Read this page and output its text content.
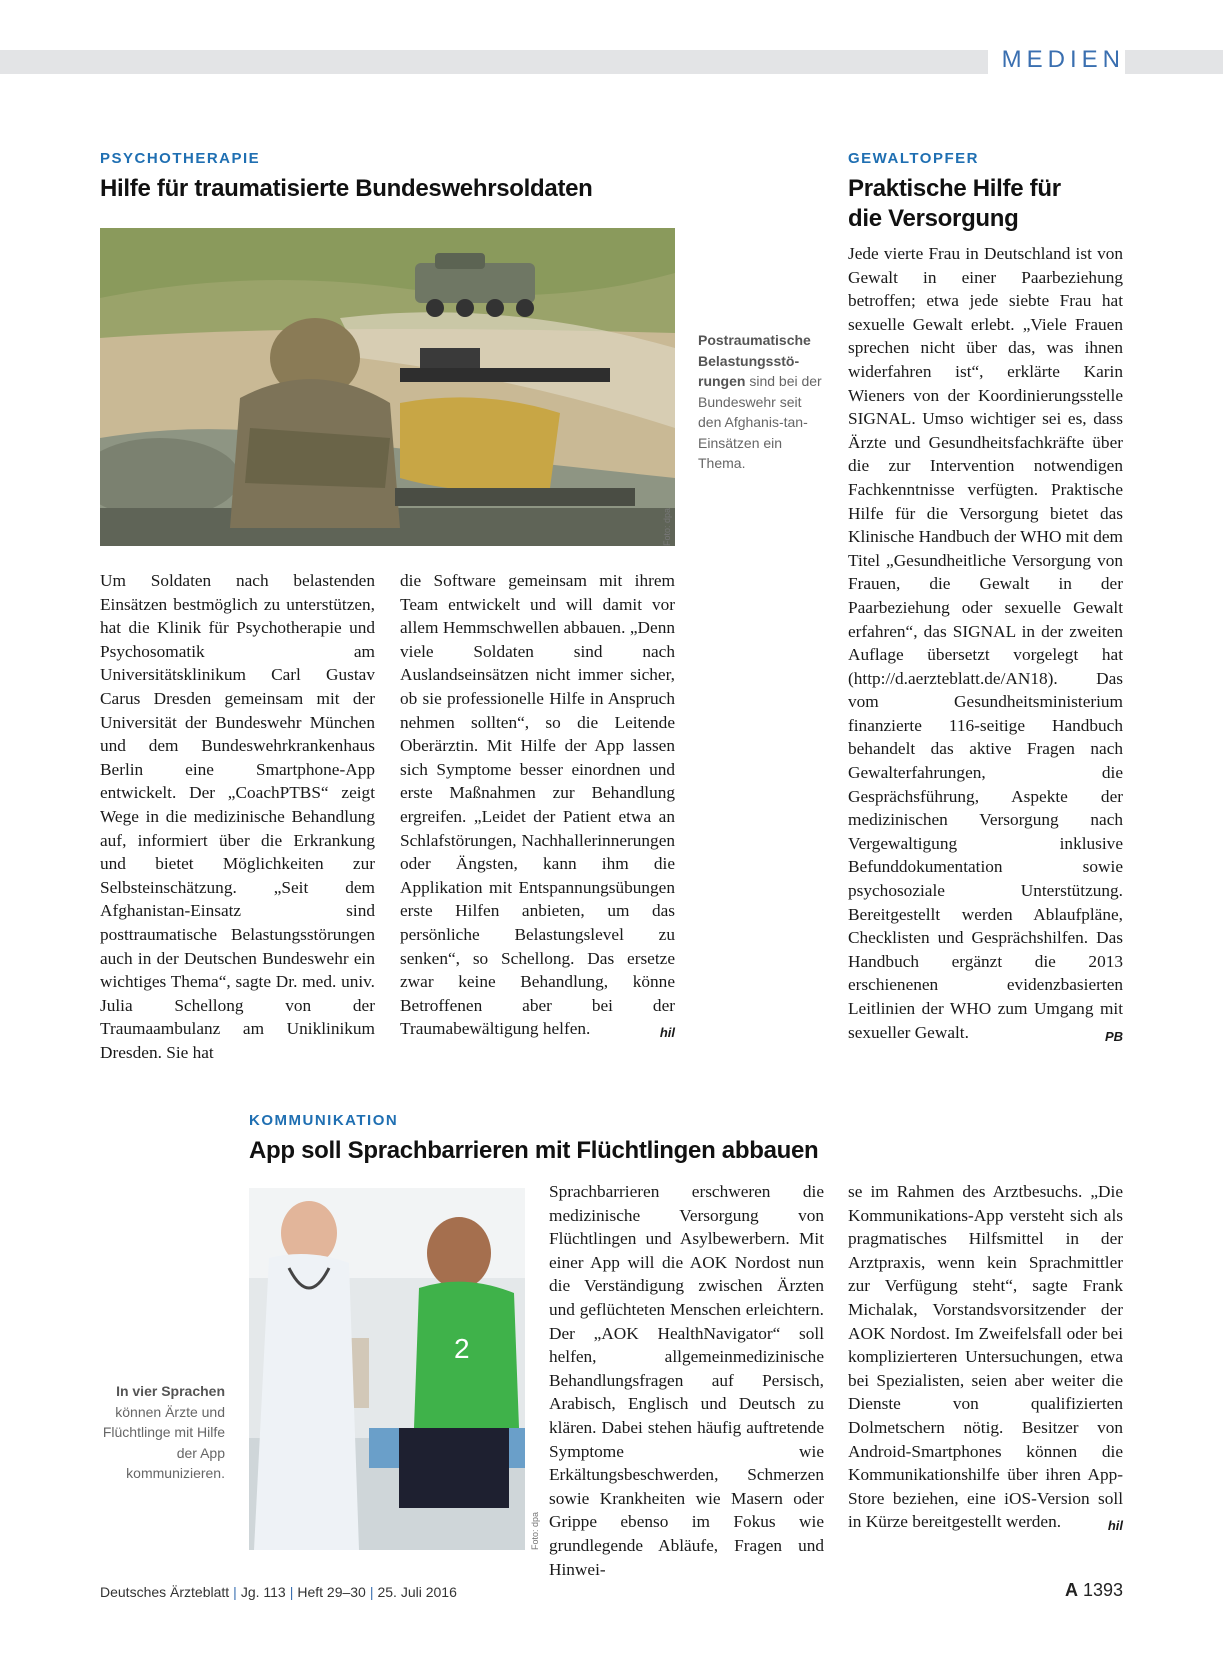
MEDIEN
PSYCHOTHERAPIE
Hilfe für traumatisierte Bundeswehrsoldaten
Foto: dpa
Postraumatische Belastungsstö-rungen sind bei der Bundeswehr seit den Afghanis-tan-Einsätzen ein Thema.
Um Soldaten nach belastenden Einsätzen bestmöglich zu unterstützen, hat die Klinik für Psychotherapie und Psychosomatik am Universitätsklinikum Carl Gustav Carus Dresden gemeinsam mit der Universität der Bundeswehr München und dem Bundeswehrkrankenhaus Berlin eine Smartphone-App entwickelt. Der „CoachPTBS“ zeigt Wege in die medizinische Behandlung auf, informiert über die Erkrankung und bietet Möglichkeiten zur Selbsteinschätzung. „Seit dem Afghanistan-Einsatz sind posttraumatische Belastungsstörungen auch in der Deutschen Bundeswehr ein wichtiges Thema“, sagte Dr. med. univ. Julia Schellong von der Traumaambulanz am Uniklinikum Dresden. Sie hat
die Software gemeinsam mit ihrem Team entwickelt und will damit vor allem Hemmschwellen abbauen. „Denn viele Soldaten sind nach Auslandseinsätzen nicht immer sicher, ob sie professionelle Hilfe in Anspruch nehmen sollten“, so die Leitende Oberärztin. Mit Hilfe der App lassen sich Symptome besser einordnen und erste Maßnahmen zur Behandlung ergreifen. „Leidet der Patient etwa an Schlafstörungen, Nachhallerinnerungen oder Ängsten, kann ihm die Applikation mit Entspannungsübungen erste Hilfen anbieten, um das persönliche Belastungslevel zu senken“, so Schellong. Das ersetze zwar keine Behandlung, könne Betroffenen aber bei der Traumabewältigung helfen.	hil
GEWALTOPFER
Praktische Hilfe für
die Versorgung
Jede vierte Frau in Deutschland ist von Gewalt in einer Paarbeziehung betroffen; etwa jede siebte Frau hat sexuelle Gewalt erlebt. „Viele Frauen sprechen nicht über das, was ihnen widerfahren ist“, erklärte Karin Wieners von der Koordinierungsstelle SIGNAL. Umso wichtiger sei es, dass Ärzte und Gesundheitsfachkräfte über die zur Intervention notwendigen Fachkenntnisse verfügten. Praktische Hilfe für die Versorgung bietet das Klinische Handbuch der WHO mit dem Titel „Gesundheitliche Versorgung von Frauen, die Gewalt in der Paarbeziehung oder sexuelle Gewalt erfahren“, das SIGNAL in der zweiten Auflage übersetzt vorgelegt hat (http://d.aerzteblatt.de/AN18). Das vom Gesundheitsministerium finanzierte 116-seitige Handbuch behandelt das aktive Fragen nach Gewalterfahrungen, die Gesprächsführung, Aspekte der medizinischen Versorgung nach Vergewaltigung inklusive Befunddokumentation sowie psychosoziale Unterstützung. Bereitgestellt werden Ablaufpläne, Checklisten und Gesprächshilfen. Das Handbuch ergänzt die 2013 erschienenen evidenzbasierten Leitlinien der WHO zum Umgang mit sexueller Gewalt.	PB
KOMMUNIKATION
App soll Sprachbarrieren mit Flüchtlingen abbauen
2
Foto: dpa
In vier Sprachen können Ärzte und Flüchtlinge mit Hilfe der App kommunizieren.
Sprachbarrieren erschweren die medizinische Versorgung von Flüchtlingen und Asylbewerbern. Mit einer App will die AOK Nordost nun die Verständigung zwischen Ärzten und geflüchteten Menschen erleichtern. Der „AOK HealthNavigator“ soll helfen, allgemeinmedizinische Behandlungsfragen auf Persisch, Arabisch, Englisch und Deutsch zu klären. Dabei stehen häufig auftretende Symptome wie Erkältungsbeschwerden, Schmerzen sowie Krankheiten wie Masern oder Grippe ebenso im Fokus wie grundlegende Abläufe, Fragen und Hinwei-
se im Rahmen des Arztbesuchs. „Die Kommunikations-App versteht sich als pragmatisches Hilfsmittel in der Arztpraxis, wenn kein Sprachmittler zur Verfügung steht“, sagte Frank Michalak, Vorstandsvorsitzender der AOK Nordost. Im Zweifelsfall oder bei komplizierteren Untersuchungen, etwa bei Spezialisten, seien aber weiter die Dienste von qualifizierten Dolmetschern nötig. Besitzer von Android-Smartphones können die Kommunikationshilfe über ihren App-Store beziehen, eine iOS-Version soll in Kürze bereitgestellt werden.	hil
Deutsches Ärzteblatt | Jg. 113 | Heft 29–30 | 25. Juli 2016	A 1393
